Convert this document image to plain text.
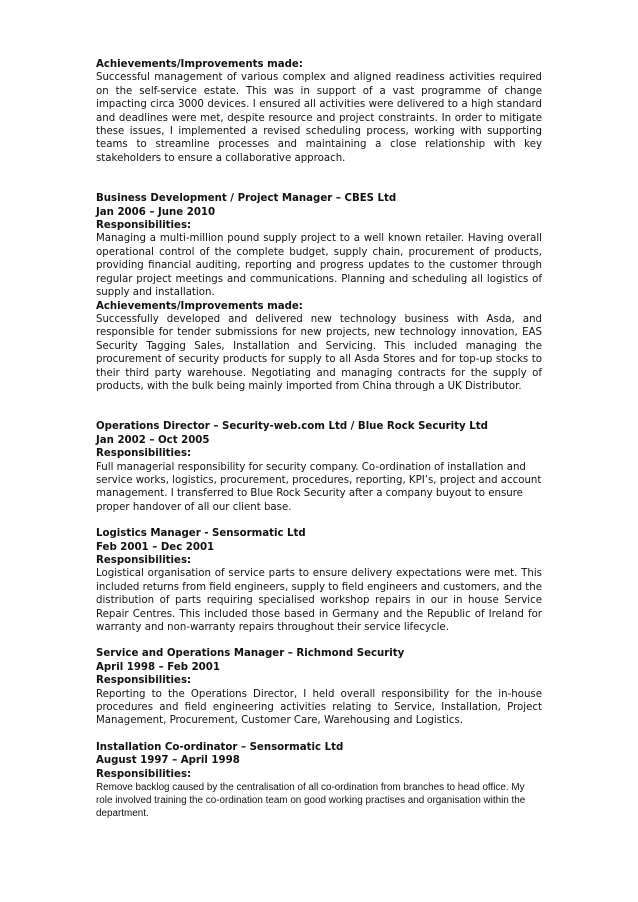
Achievements/Improvements made:

Successful management of various complex and aligned readiness activities required on the self-service estate. This was in support of a vast programme of change impacting circa 3000 devices. I ensured all activities were delivered to a high standard and deadlines were met, despite resource and project constraints. In order to mitigate these issues, I implemented a revised scheduling process, working with supporting teams to streamline processes and maintaining a close relationship with key stakeholders to ensure a collaborative approach.

Business Development / Project Manager – CBES Ltd
Jan 2006 – June 2010
Responsibilities:

Managing a multi-million pound supply project to a well known retailer. Having overall operational control of the complete budget, supply chain, procurement of products, providing financial auditing, reporting and progress updates to the customer through regular project meetings and communications. Planning and scheduling all logistics of supply and installation.

Achievements/Improvements made:

Successfully developed and delivered new technology business with Asda, and responsible for tender submissions for new projects, new technology innovation, EAS Security Tagging Sales, Installation and Servicing. This included managing the procurement of security products for supply to all Asda Stores and for top-up stocks to their third party warehouse. Negotiating and managing contracts for the supply of products, with the bulk being mainly imported from China through a UK Distributor.

Operations Director – Security-web.com Ltd / Blue Rock Security Ltd
Jan 2002 – Oct 2005
Responsibilities:

Full managerial responsibility for security company. Co-ordination of installation and service works, logistics, procurement, procedures, reporting, KPI’s, project and account management. I transferred to Blue Rock Security after a company buyout to ensure proper handover of all our client base.

Logistics Manager - Sensormatic Ltd
Feb 2001 – Dec 2001
Responsibilities:

Logistical organisation of service parts to ensure delivery expectations were met. This included returns from field engineers, supply to field engineers and customers, and the distribution of parts requiring specialised workshop repairs in our in house Service Repair Centres. This included those based in Germany and the Republic of Ireland for warranty and non-warranty repairs throughout their service lifecycle.

Service and Operations Manager – Richmond Security
April 1998 – Feb 2001
Responsibilities:

Reporting to the Operations Director, I held overall responsibility for the in-house procedures and field engineering activities relating to Service, Installation, Project Management, Procurement, Customer Care, Warehousing and Logistics.

Installation Co-ordinator – Sensormatic Ltd
August 1997 – April 1998
Responsibilities:

Remove backlog caused by the centralisation of all co-ordination from branches to head office. My role involved training the co-ordination team on good working practises and organisation within the department.
